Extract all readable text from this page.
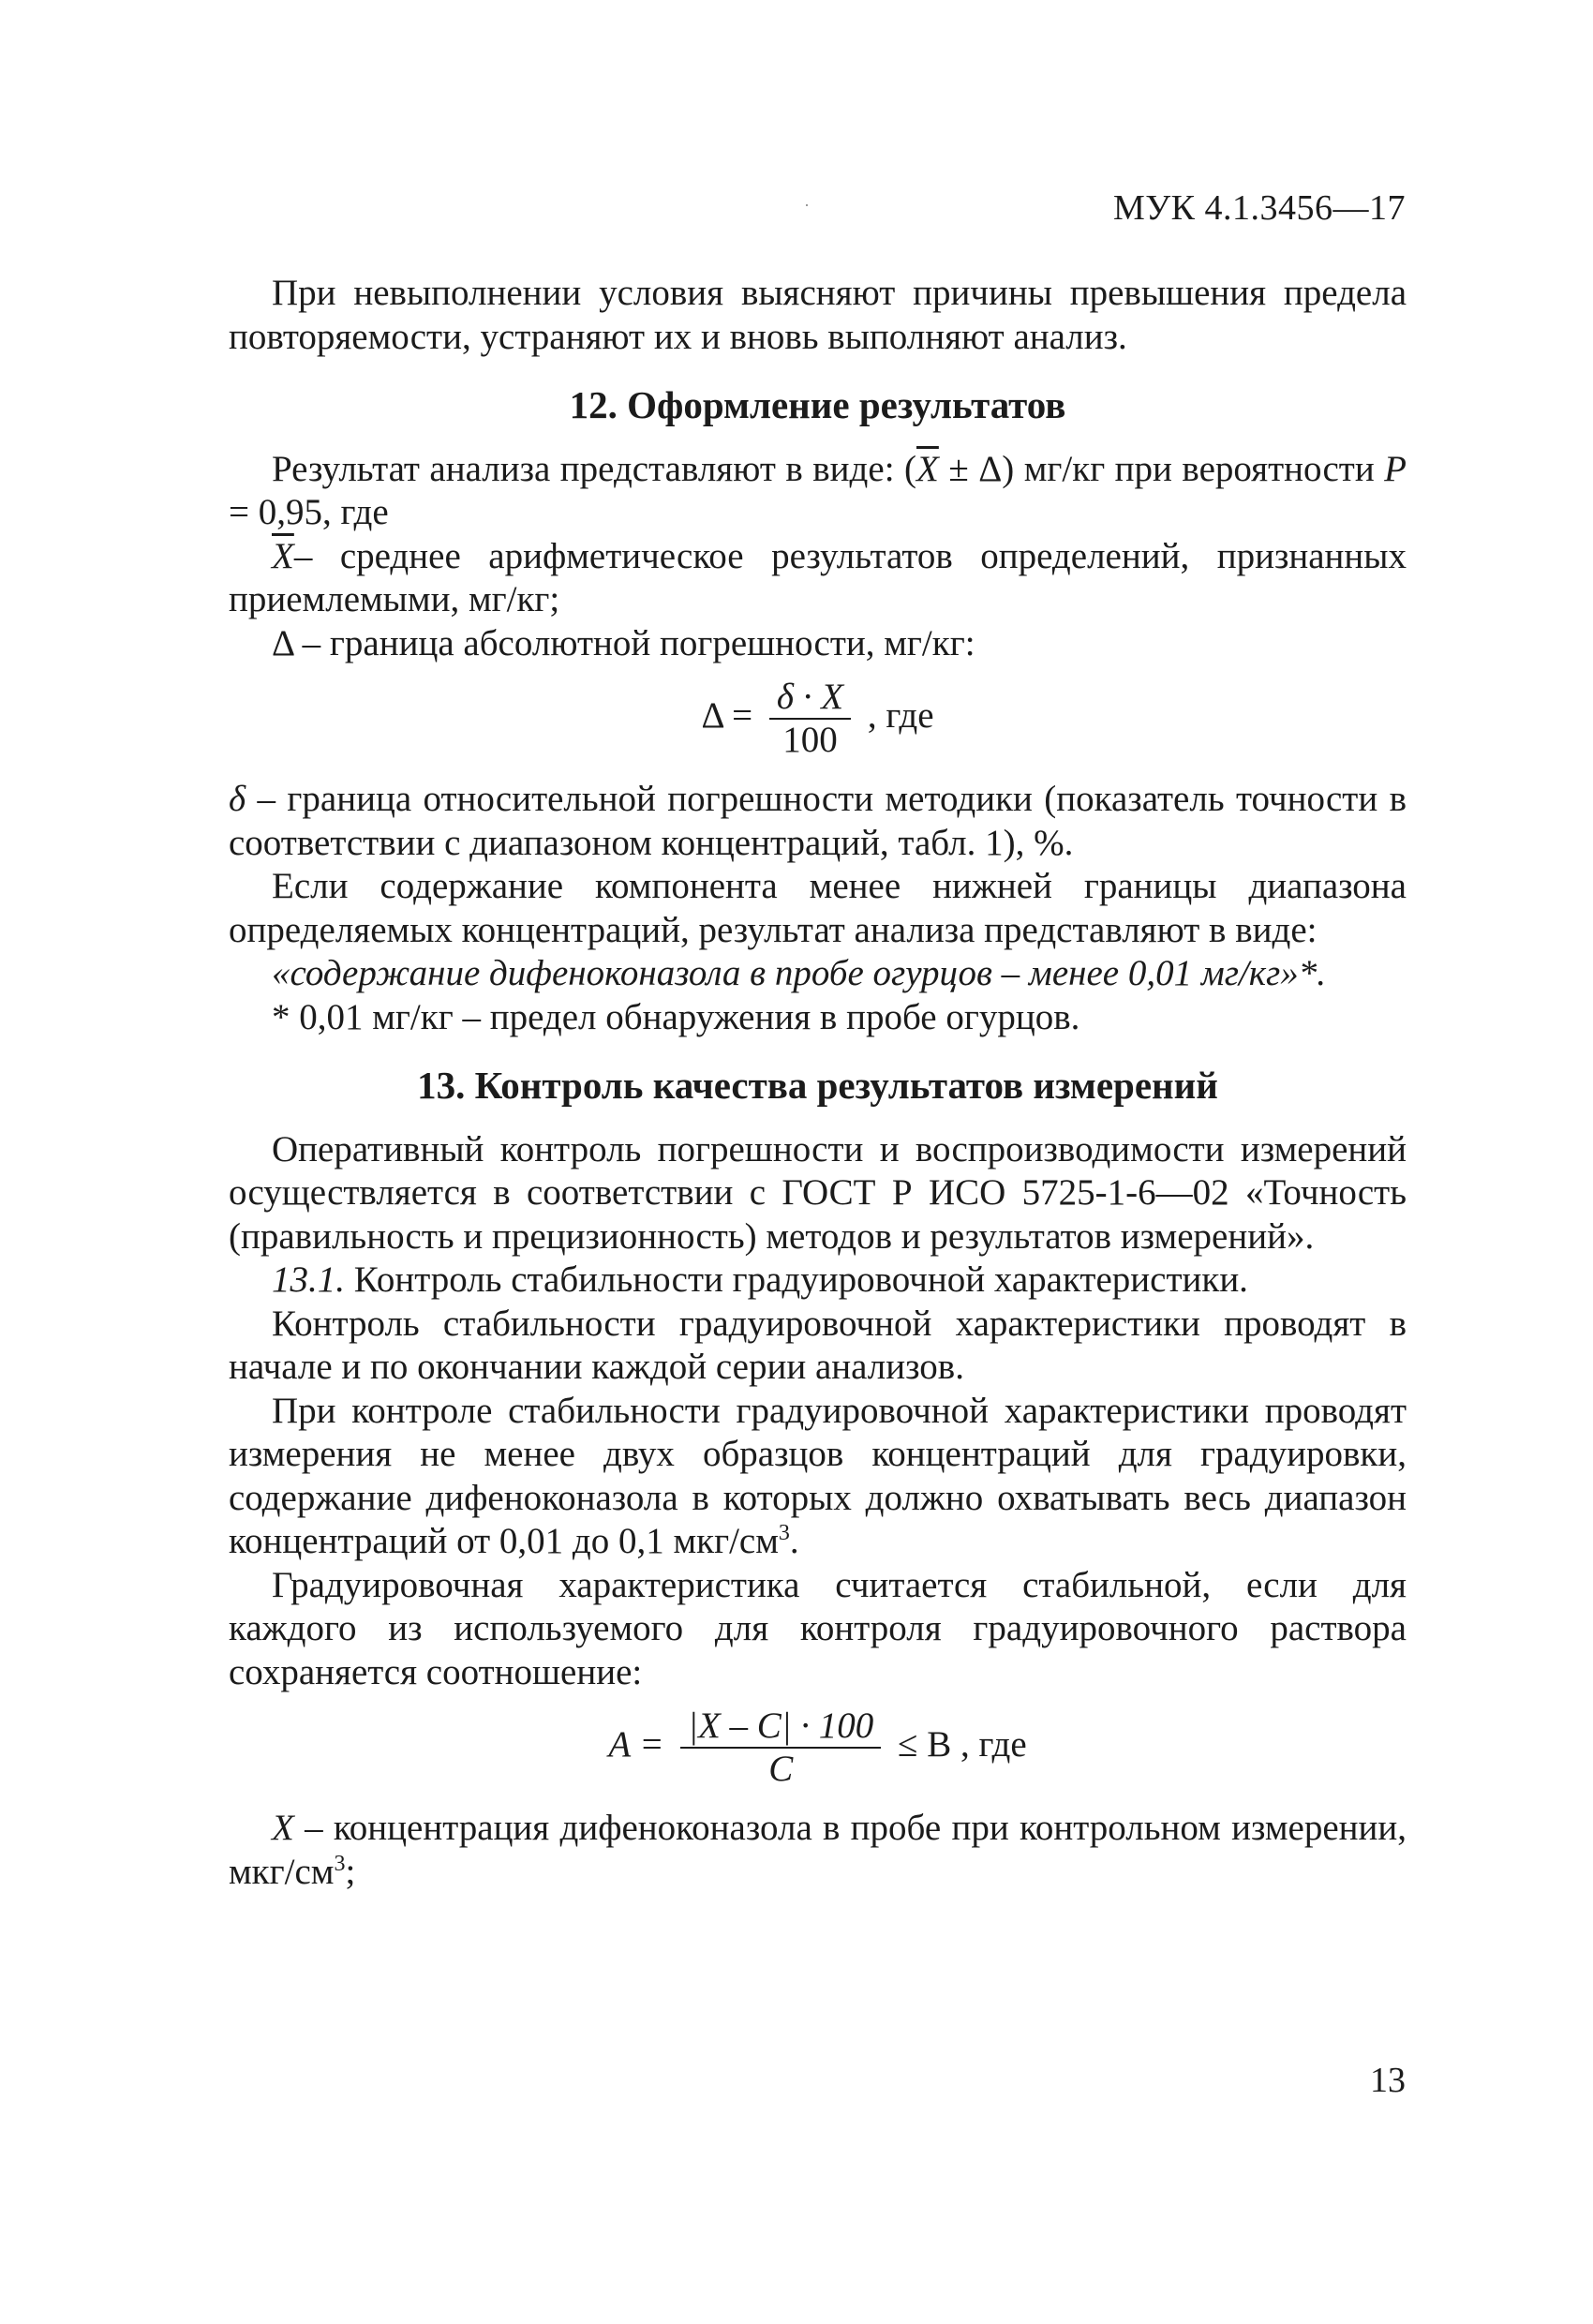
МУК 4.1.3456—17

При невыполнении условия выясняют причины превышения предела повторяемости, устраняют их и вновь выполняют анализ.

12. Оформление результатов

Результат анализа представляют в виде: $(\overline{X} \pm \Delta)$ мг/кг при вероятности P = 0,95, где

$\overline{X}-$ среднее арифметическое результатов определений, признанных приемлемыми, мг/кг;

Δ – граница абсолютной погрешности, мг/кг:

$\Delta = \frac{\delta \cdot X}{100}$ , где

δ – граница относительной погрешности методики (показатель точности в соответствии с диапазоном концентраций, табл. 1), %.

Если содержание компонента менее нижней границы диапазона определяемых концентраций, результат анализа представляют в виде:

«содержание дифеноконазола в пробе огурцов – менее 0,01 мг/кг»*.

* 0,01 мг/кг – предел обнаружения в пробе огурцов.

13. Контроль качества результатов измерений

Оперативный контроль погрешности и воспроизводимости измерений осуществляется в соответствии с ГОСТ Р ИСО 5725-1-6—02 «Точность (правильность и прецизионность) методов и результатов измерений».

13.1. Контроль стабильности градуировочной характеристики.

Контроль стабильности градуировочной характеристики проводят в начале и по окончании каждой серии анализов.

При контроле стабильности градуировочной характеристики проводят измерения не менее двух образцов концентраций для градуировки, содержание дифеноконазола в которых должно охватывать весь диапазон концентраций от 0,01 до 0,1 мкг/$см^3$.

Градуировочная характеристика считается стабильной, если для каждого из используемого для контроля градуировочного раствора сохраняется соотношение:

$A = \frac{|X - C| \cdot 100}{C} \le B$ , где

X – концентрация дифеноконазола в пробе при контрольном измерении, мкг/$см^3$;

13
